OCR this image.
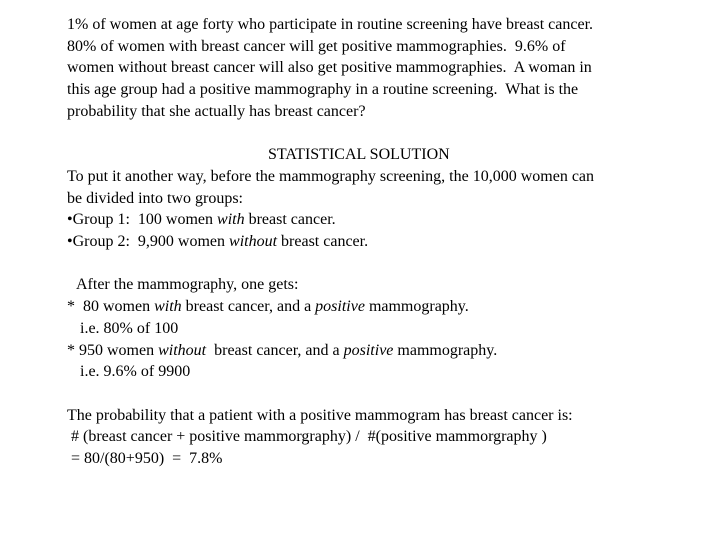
1% of women at age forty who participate in routine screening have breast cancer.

80% of women with breast cancer will get positive mammographies.  9.6% of

women without breast cancer will also get positive mammographies.  A woman in

this age group had a positive mammography in a routine screening.  What is the

probability that she actually has breast cancer?

STATISTICAL SOLUTION

To put it another way, before the mammography screening, the 10,000 women can

be divided into two groups:

•Group 1:  100 women with breast cancer.

•Group 2:  9,900 women without breast cancer.

After the mammography, one gets:

*  80 women with breast cancer, and a positive mammography.

i.e. 80% of 100

* 950 women without  breast cancer, and a positive mammography.

i.e. 9.6% of 9900

The probability that a patient with a positive mammogram has breast cancer is:

# (breast cancer + positive mammorgraphy) /  #(positive mammorgraphy )

= 80/(80+950)  =  7.8%
